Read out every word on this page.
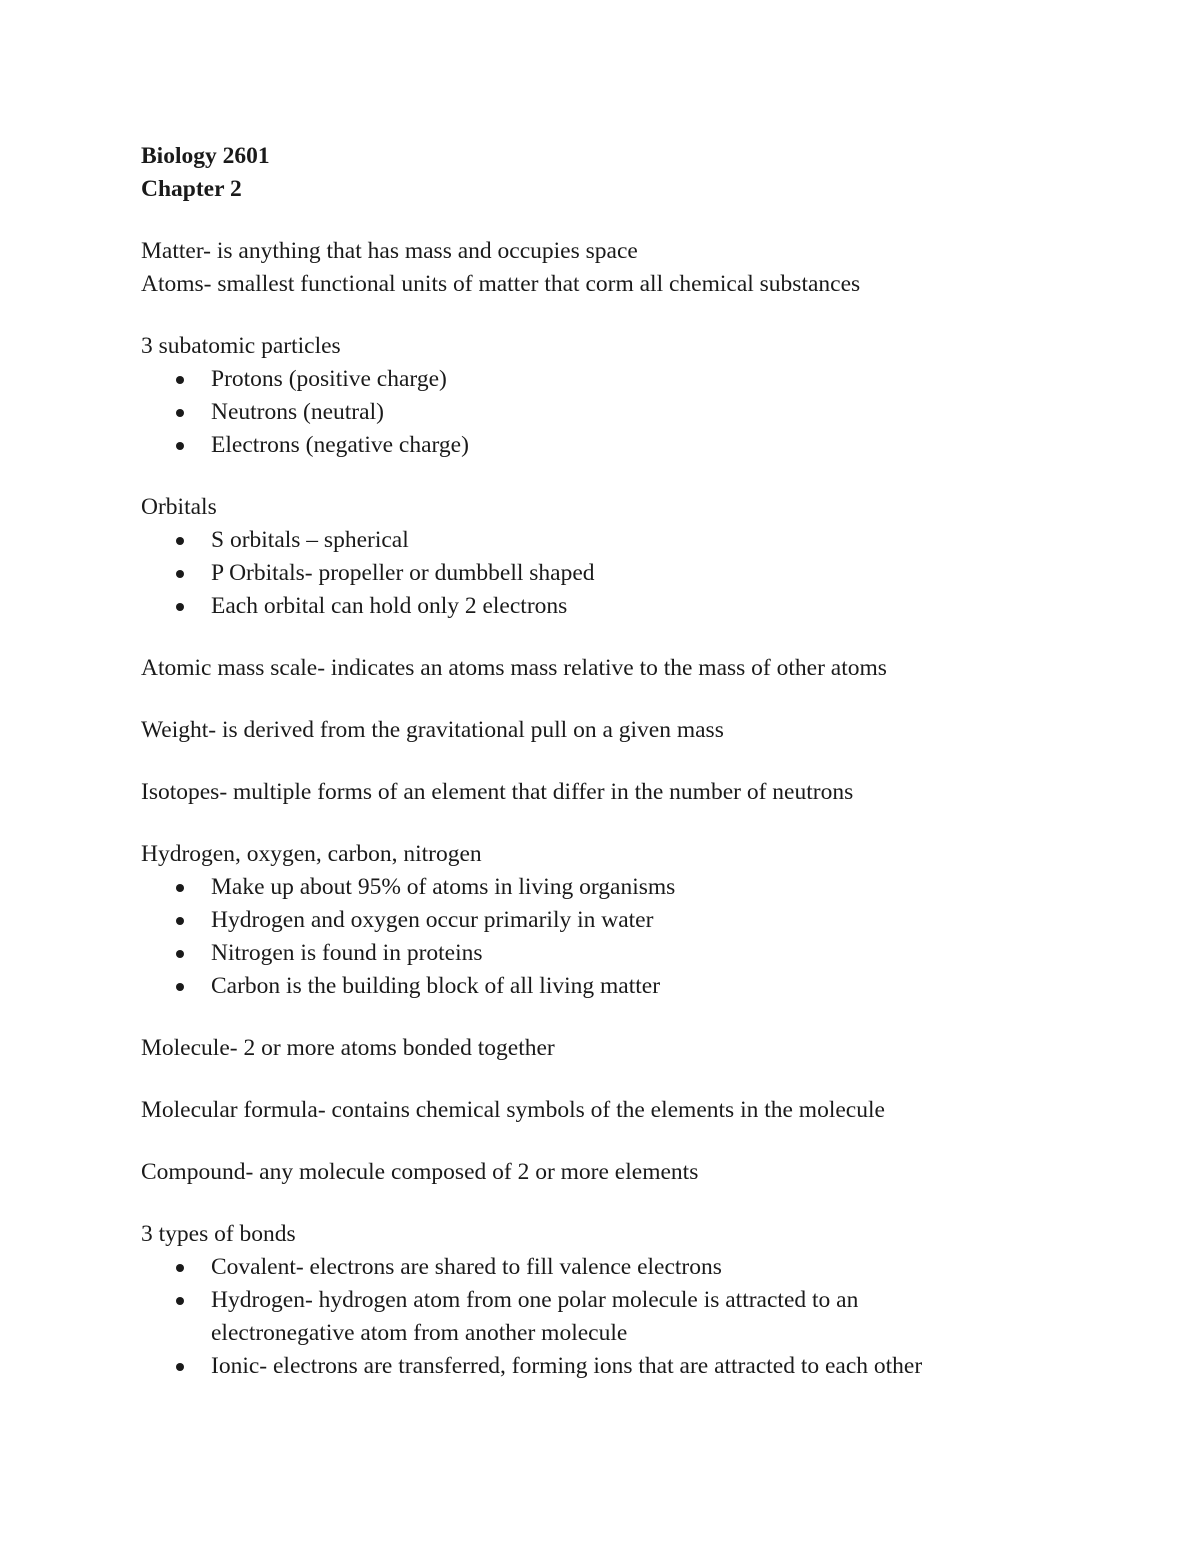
Biology 2601
Chapter 2
Matter- is anything that has mass and occupies space
Atoms- smallest functional units of matter that corm all chemical substances
3 subatomic particles
Protons (positive charge)
Neutrons (neutral)
Electrons (negative charge)
Orbitals
S orbitals – spherical
P Orbitals- propeller or dumbbell shaped
Each orbital can hold only 2 electrons
Atomic mass scale- indicates an atoms mass relative to the mass of other atoms
Weight- is derived from the gravitational pull on a given mass
Isotopes- multiple forms of an element that differ in the number of neutrons
Hydrogen, oxygen, carbon, nitrogen
Make up about 95% of atoms in living organisms
Hydrogen and oxygen occur primarily in water
Nitrogen is found in proteins
Carbon is the building block of all living matter
Molecule- 2 or more atoms bonded together
Molecular formula- contains chemical symbols of the elements in the molecule
Compound- any molecule composed of 2 or more elements
3 types of bonds
Covalent- electrons are shared to fill valence electrons
Hydrogen- hydrogen atom from one polar molecule is attracted to an electronegative atom from another molecule
Ionic- electrons are transferred, forming ions that are attracted to each other
